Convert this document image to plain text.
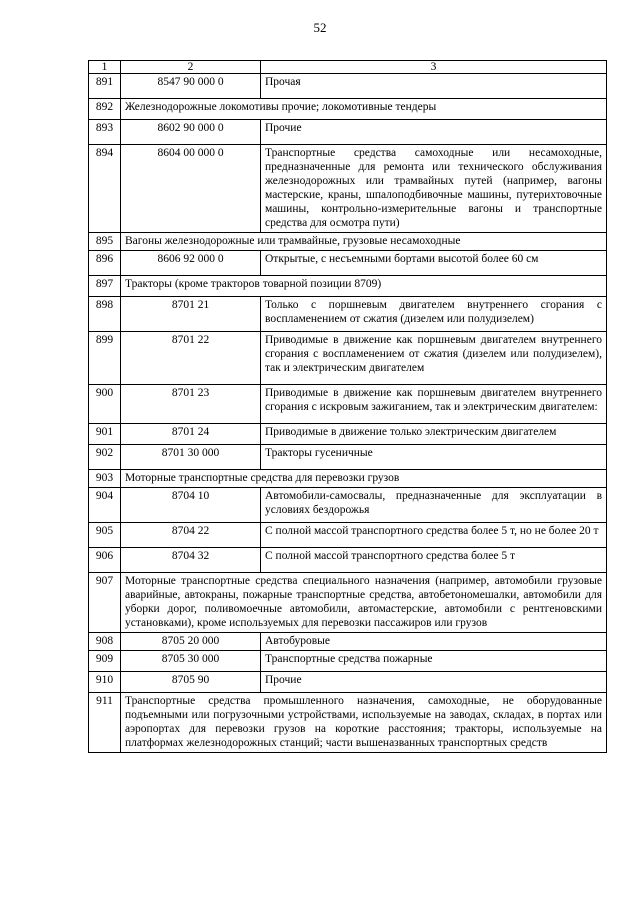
52
1	2	3
891	8547 90 000 0	Прочая
892	Железнодорожные локомотивы прочие; локомотивные тендеры	
893	8602 90 000 0	Прочие
894	8604 00 000 0	Транспортные средства самоходные или несамоходные, предназначенные для ремонта или технического обслуживания железнодорожных или трамвайных путей (например, вагоны мастерские, краны, шпалоподбивочные машины, путерихтовочные машины, контрольно-измерительные вагоны и транспортные средства для осмотра пути)
895	Вагоны железнодорожные или трамвайные, грузовые несамоходные	
896	8606 92 000 0	Открытые, с несъемными бортами высотой более 60 см
897	Тракторы (кроме тракторов товарной позиции 8709)	
898	8701 21	Только с поршневым двигателем внутреннего сгорания с воспламенением от сжатия (дизелем или полудизелем)
899	8701 22	Приводимые в движение как поршневым двигателем внутреннего сгорания с воспламенением от сжатия (дизелем или полудизелем), так и электрическим двигателем
900	8701 23	Приводимые в движение как поршневым двигателем внутреннего сгорания с искровым зажиганием, так и электрическим двигателем:
901	8701 24	Приводимые в движение только электрическим двигателем
902	8701 30 000	Тракторы гусеничные
903	Моторные транспортные средства для перевозки грузов	
904	8704 10	Автомобили-самосвалы, предназначенные для эксплуатации в условиях бездорожья
905	8704 22	С полной массой транспортного средства более 5 т, но не более 20 т
906	8704 32	С полной массой транспортного средства более 5 т
907	Моторные транспортные средства специального назначения (например, автомобили грузовые аварийные, автокраны, пожарные транспортные средства, автобетономешалки, автомобили для уборки дорог, поливомоечные автомобили, автомастерские, автомобили с рентгеновскими установками), кроме используемых для перевозки пассажиров или грузов	
908	8705 20 000	Автобуровые
909	8705 30 000	Транспортные средства пожарные
910	8705 90	Прочие
911	Транспортные средства промышленного назначения, самоходные, не оборудованные подъемными или погрузочными устройствами, используемые на заводах, складах, в портах или аэропортах для перевозки грузов на короткие расстояния; тракторы, используемые на платформах железнодорожных станций; части вышеназванных транспортных средств	
